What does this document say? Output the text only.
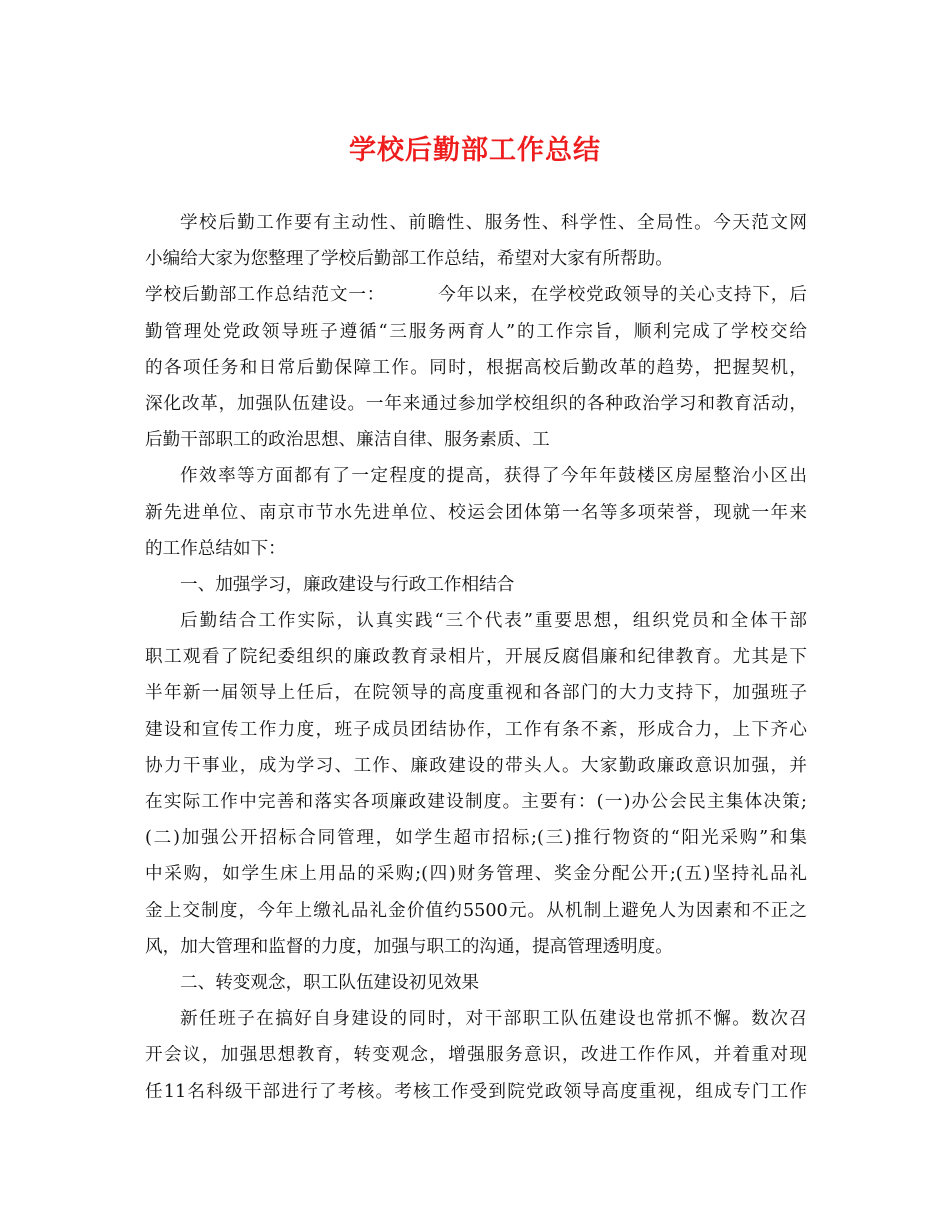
学校后勤部工作总结
学校后勤工作要有主动性、前瞻性、服务性、科学性、全局性。今天范文网
小编给大家为您整理了学校后勤部工作总结，希望对大家有所帮助。
学校后勤部工作总结范文一：	今年以来，在学校党政领导的关心支持下，后
勤管理处党政领导班子遵循“三服务两育人”的工作宗旨，顺利完成了学校交给
的各项任务和日常后勤保障工作。同时，根据高校后勤改革的趋势，把握契机，
深化改革，加强队伍建设。一年来通过参加学校组织的各种政治学习和教育活动，
后勤干部职工的政治思想、廉洁自律、服务素质、工
作效率等方面都有了一定程度的提高，获得了今年年鼓楼区房屋整治小区出
新先进单位、南京市节水先进单位、校运会团体第一名等多项荣誉，现就一年来
的工作总结如下：
一、加强学习，廉政建设与行政工作相结合
后勤结合工作实际，认真实践“三个代表”重要思想，组织党员和全体干部
职工观看了院纪委组织的廉政教育录相片，开展反腐倡廉和纪律教育。尤其是下
半年新一届领导上任后，在院领导的高度重视和各部门的大力支持下，加强班子
建设和宣传工作力度，班子成员团结协作，工作有条不紊，形成合力，上下齐心
协力干事业，成为学习、工作、廉政建设的带头人。大家勤政廉政意识加强，并
在实际工作中完善和落实各项廉政建设制度。主要有：(一)办公会民主集体决策;
(二)加强公开招标合同管理，如学生超市招标;(三)推行物资的“阳光采购”和集
中采购，如学生床上用品的采购;(四)财务管理、奖金分配公开;(五)坚持礼品礼
金上交制度，今年上缴礼品礼金价值约5500元。从机制上避免人为因素和不正之
风，加大管理和监督的力度，加强与职工的沟通，提高管理透明度。
二、转变观念，职工队伍建设初见效果
新任班子在搞好自身建设的同时，对干部职工队伍建设也常抓不懈。数次召
开会议，加强思想教育，转变观念，增强服务意识，改进工作作风，并着重对现
任11名科级干部进行了考核。考核工作受到院党政领导高度重视，组成专门工作
